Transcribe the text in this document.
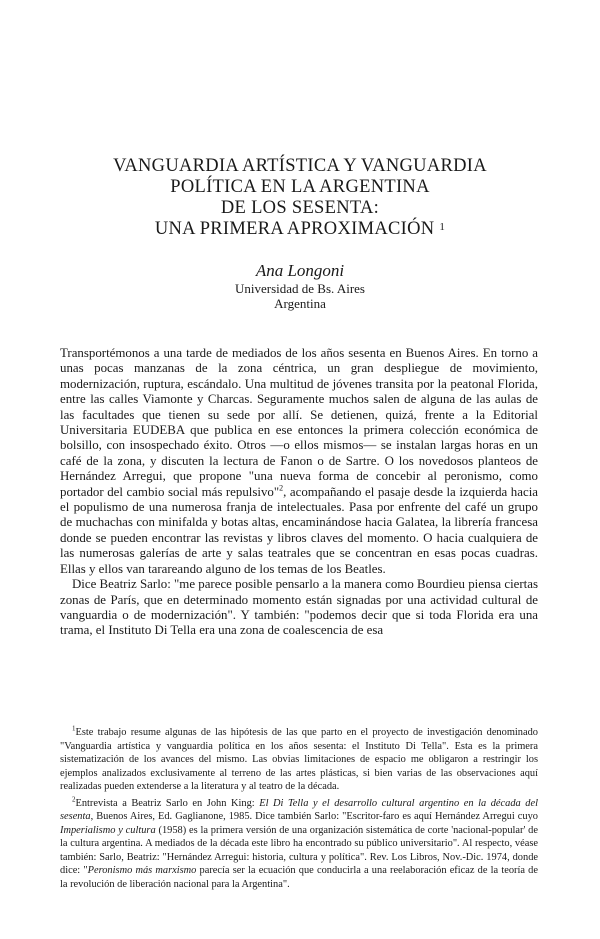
VANGUARDIA ARTÍSTICA Y VANGUARDIA
POLÍTICA EN LA ARGENTINA
DE LOS SESENTA:
UNA PRIMERA APROXIMACIÓN $^1$
Ana Longoni
Universidad de Bs. Aires
Argentina

Transportémonos a una tarde de mediados de los años sesenta en Buenos Aires. En torno a unas pocas manzanas de la zona céntrica, un gran despliegue de movimiento, modernización, ruptura, escándalo. Una multitud de jóvenes transita por la peatonal Florida, entre las calles Viamonte y Charcas. Seguramente muchos salen de alguna de las aulas de las facultades que tienen su sede por allí. Se detienen, quizá, frente a la Editorial Universitaria EUDEBA que publica en ese entonces la primera colección económica de bolsillo, con insospechado éxito. Otros —o ellos mismos— se instalan largas horas en un café de la zona, y discuten la lectura de Fanon o de Sartre. O los novedosos planteos de Hernández Arregui, que propone "una nueva forma de concebir al peronismo, como portador del cambio social más repulsivo"$^2$, acompañando el pasaje desde la izquierda hacia el populismo de una numerosa franja de intelectuales. Pasa por enfrente del café un grupo de muchachas con minifalda y botas altas, encaminándose hacia Galatea, la librería francesa donde se pueden encontrar las revistas y libros claves del momento. O hacia cualquiera de las numerosas galerías de arte y salas teatrales que se concentran en esas pocas cuadras. Ellas y ellos van tarareando alguno de los temas de los Beatles.

Dice Beatriz Sarlo: "me parece posible pensarlo a la manera como Bourdieu piensa ciertas zonas de París, que en determinado momento están signadas por una actividad cultural de vanguardia o de modernización". Y también: "podemos decir que si toda Florida era una trama, el Instituto Di Tella era una zona de coalescencia de esa

$^1$Este trabajo resume algunas de las hipótesis de las que parto en el proyecto de investigación denominado "Vanguardia artística y vanguardia política en los años sesenta: el Instituto Di Tella". Esta es la primera sistematización de los avances del mismo. Las obvias limitaciones de espacio me obligaron a restringir los ejemplos analizados exclusivamente al terreno de las artes plásticas, si bien varias de las observaciones aquí realizadas pueden extenderse a la literatura y al teatro de la década.

$^2$Entrevista a Beatriz Sarlo en John King: El Di Tella y el desarrollo cultural argentino en la década del sesenta, Buenos Aires, Ed. Gaglianone, 1985. Dice también Sarlo: "Escritor-faro es aquí Hernández Arregui cuyo Imperialismo y cultura (1958) es la primera versión de una organización sistemática de corte 'nacional-popular' de la cultura argentina. A mediados de la década este libro ha encontrado su público universitario". Al respecto, véase también: Sarlo, Beatriz: "Hernández Arregui: historia, cultura y política". Rev. Los Libros, Nov.-Dic. 1974, donde dice: "Peronismo más marxismo parecía ser la ecuación que conducirla a una reelaboración eficaz de la teoría de la revolución de liberación nacional para la Argentina".
